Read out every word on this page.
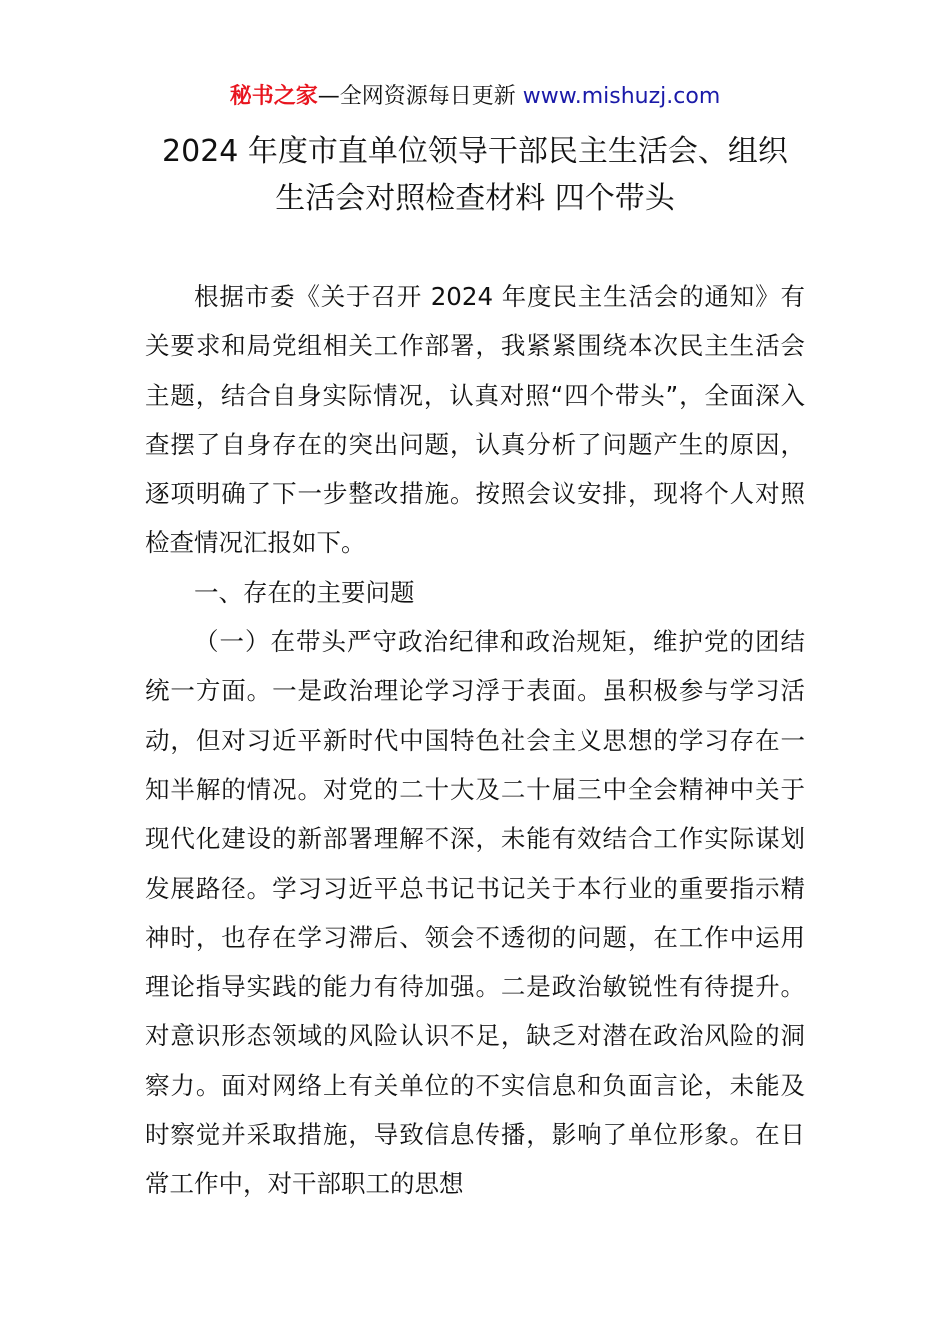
秘书之家—全网资源每日更新 www.mishuzj.com
2024 年度市直单位领导干部民主生活会、组织
生活会对照检查材料 四个带头

根据市委《关于召开 2024 年度民主生活会的通知》有关要求和局党组相关工作部署，我紧紧围绕本次民主生活会主题，结合自身实际情况，认真对照“四个带头”，全面深入查摆了自身存在的突出问题，认真分析了问题产生的原因，逐项明确了下一步整改措施。按照会议安排，现将个人对照检查情况汇报如下。

一、存在的主要问题

（一）在带头严守政治纪律和政治规矩，维护党的团结统一方面。一是政治理论学习浮于表面。虽积极参与学习活动，但对习近平新时代中国特色社会主义思想的学习存在一知半解的情况。对党的二十大及二十届三中全会精神中关于现代化建设的新部署理解不深，未能有效结合工作实际谋划发展路径。学习习近平总书记书记关于本行业的重要指示精神时，也存在学习滞后、领会不透彻的问题，在工作中运用理论指导实践的能力有待加强。二是政治敏锐性有待提升。对意识形态领域的风险认识不足，缺乏对潜在政治风险的洞察力。面对网络上有关单位的不实信息和负面言论，未能及时察觉并采取措施，导致信息传播，影响了单位形象。在日常工作中，对干部职工的思想
